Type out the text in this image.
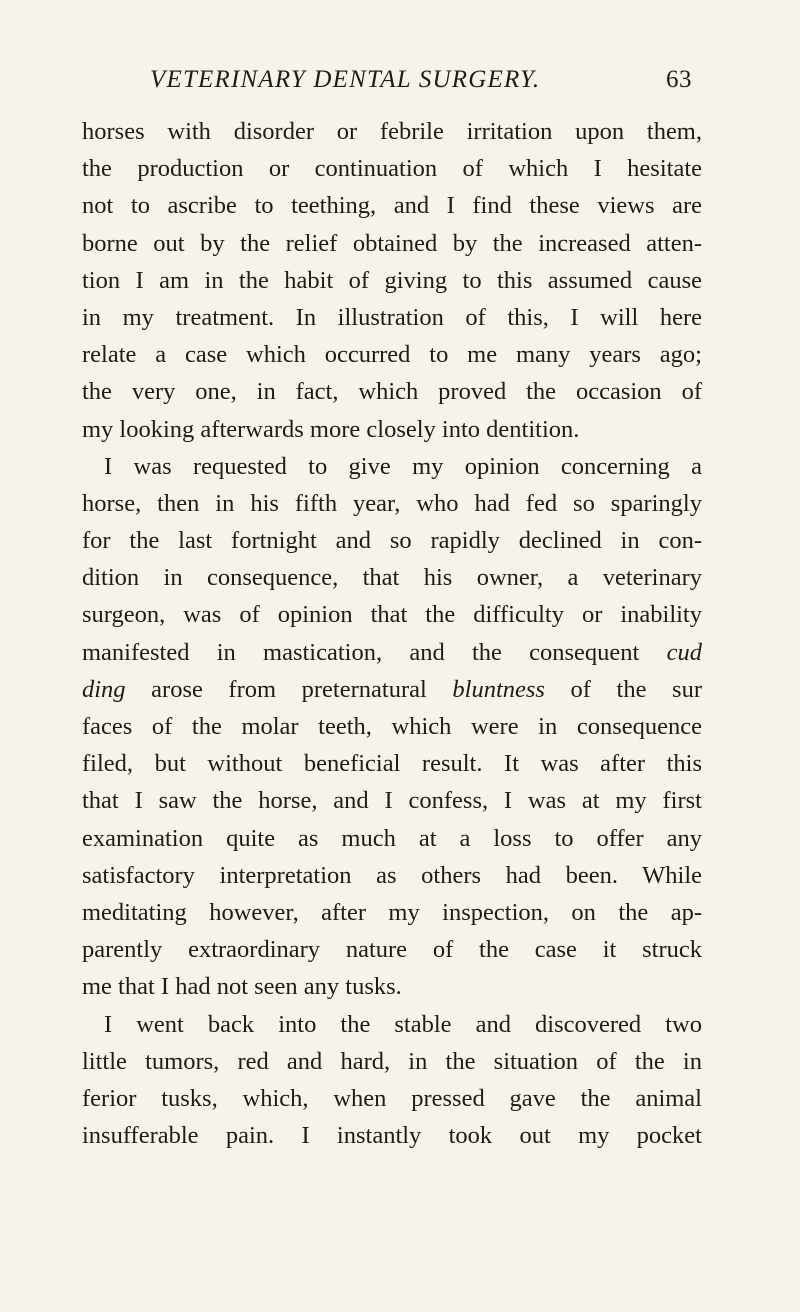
VETERINARY DENTAL SURGERY.	63
horses with disorder or febrile irritation upon them,
the production or continuation of which I hesitate
not to ascribe to teething, and I find these views are
borne out by the relief obtained by the increased atten-
tion I am in the habit of giving to this assumed cause
in my treatment. In illustration of this, I will here
relate a case which occurred to me many years ago;
the very one, in fact, which proved the occasion of
my looking afterwards more closely into dentition.
I was requested to give my opinion concerning a
horse, then in his fifth year, who had fed so sparingly
for the last fortnight and so rapidly declined in con-
dition in consequence, that his owner, a veterinary
surgeon, was of opinion that the difficulty or inability
manifested in mastication, and the consequent cud
ding arose from preternatural bluntness of the sur
faces of the molar teeth, which were in consequence
filed, but without beneficial result. It was after this
that I saw the horse, and I confess, I was at my first
examination quite as much at a loss to offer any
satisfactory interpretation as others had been. While
meditating however, after my inspection, on the ap-
parently extraordinary nature of the case it struck
me that I had not seen any tusks.
I went back into the stable and discovered two
little tumors, red and hard, in the situation of the in
ferior tusks, which, when pressed gave the animal
insufferable pain. I instantly took out my pocket
